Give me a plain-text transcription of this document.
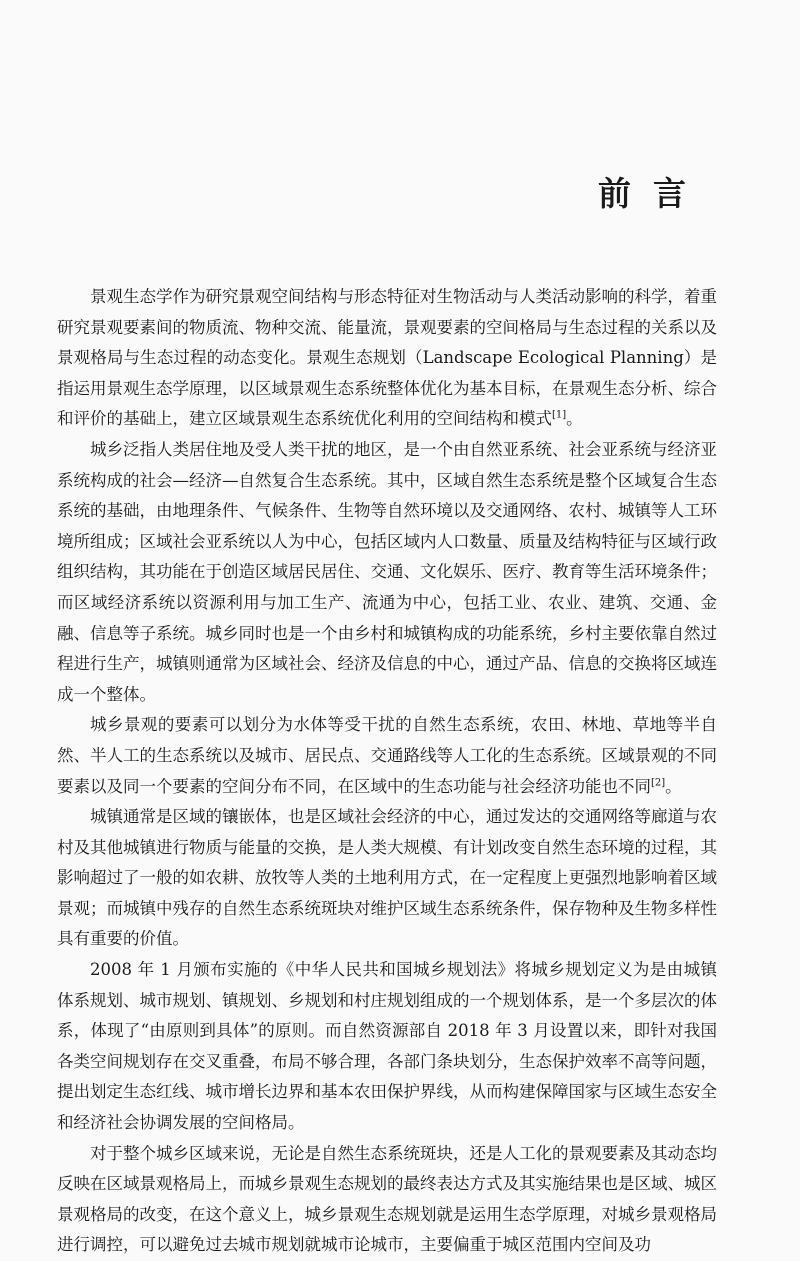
前言

景观生态学作为研究景观空间结构与形态特征对生物活动与人类活动影响的科学，着重研究景观要素间的物质流、物种交流、能量流，景观要素的空间格局与生态过程的关系以及景观格局与生态过程的动态变化。景观生态规划（Landscape Ecological Planning）是指运用景观生态学原理，以区域景观生态系统整体优化为基本目标，在景观生态分析、综合和评价的基础上，建立区域景观生态系统优化利用的空间结构和模式[1]。

城乡泛指人类居住地及受人类干扰的地区，是一个由自然亚系统、社会亚系统与经济亚系统构成的社会—经济—自然复合生态系统。其中，区域自然生态系统是整个区域复合生态系统的基础，由地理条件、气候条件、生物等自然环境以及交通网络、农村、城镇等人工环境所组成；区域社会亚系统以人为中心，包括区域内人口数量、质量及结构特征与区域行政组织结构，其功能在于创造区域居民居住、交通、文化娱乐、医疗、教育等生活环境条件；而区域经济系统以资源利用与加工生产、流通为中心，包括工业、农业、建筑、交通、金融、信息等子系统。城乡同时也是一个由乡村和城镇构成的功能系统，乡村主要依靠自然过程进行生产，城镇则通常为区域社会、经济及信息的中心，通过产品、信息的交换将区域连成一个整体。

城乡景观的要素可以划分为水体等受干扰的自然生态系统，农田、林地、草地等半自然、半人工的生态系统以及城市、居民点、交通路线等人工化的生态系统。区域景观的不同要素以及同一个要素的空间分布不同，在区域中的生态功能与社会经济功能也不同[2]。

城镇通常是区域的镶嵌体，也是区域社会经济的中心，通过发达的交通网络等廊道与农村及其他城镇进行物质与能量的交换，是人类大规模、有计划改变自然生态环境的过程，其影响超过了一般的如农耕、放牧等人类的土地利用方式，在一定程度上更强烈地影响着区域景观；而城镇中残存的自然生态系统斑块对维护区域生态系统条件，保存物种及生物多样性具有重要的价值。

2008 年 1 月颁布实施的《中华人民共和国城乡规划法》将城乡规划定义为是由城镇体系规划、城市规划、镇规划、乡规划和村庄规划组成的一个规划体系，是一个多层次的体系，体现了“由原则到具体”的原则。而自然资源部自 2018 年 3 月设置以来，即针对我国各类空间规划存在交叉重叠，布局不够合理，各部门条块划分，生态保护效率不高等问题，提出划定生态红线、城市增长边界和基本农田保护界线，从而构建保障国家与区域生态安全和经济社会协调发展的空间格局。

对于整个城乡区域来说，无论是自然生态系统斑块，还是人工化的景观要素及其动态均反映在区域景观格局上，而城乡景观生态规划的最终表达方式及其实施结果也是区域、城区景观格局的改变，在这个意义上，城乡景观生态规划就是运用生态学原理，对城乡景观格局进行调控，可以避免过去城市规划就城市论城市，主要偏重于城区范围内空间及功
